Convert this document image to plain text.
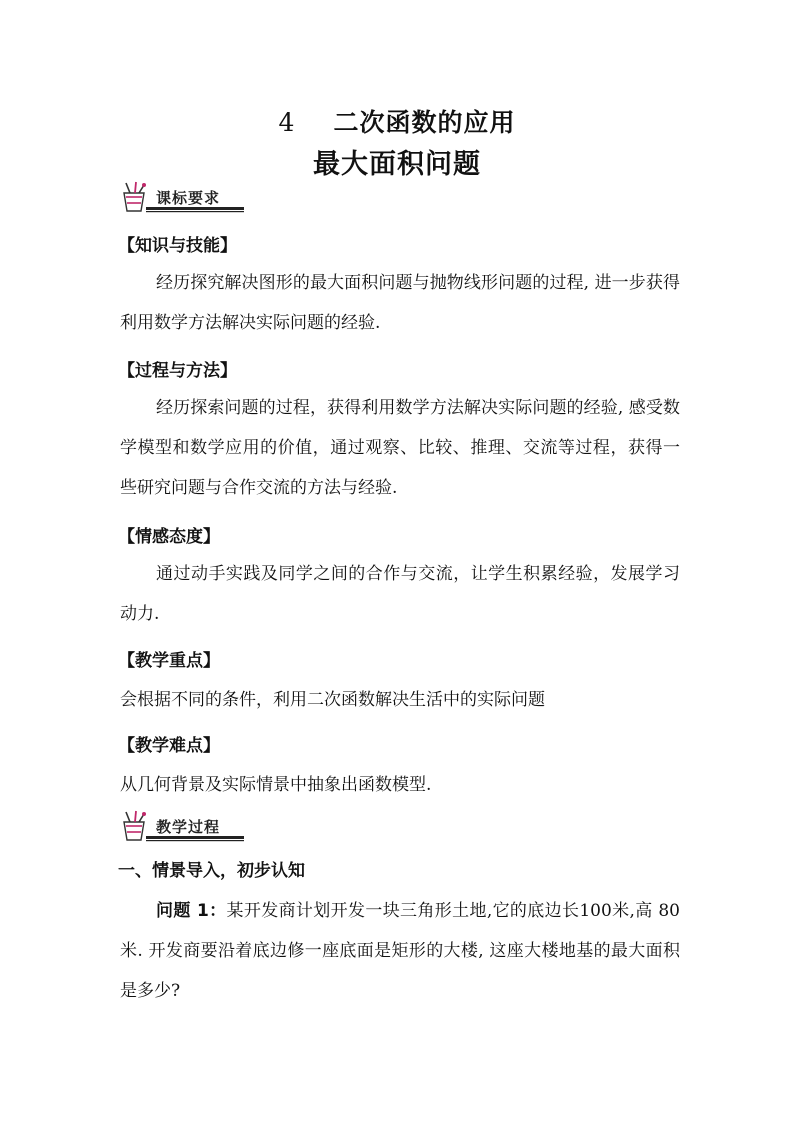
4 二次函数的应用
最大面积问题
课标要求
【知识与技能】
经历探究解决图形的最大面积问题与抛物线形问题的过程, 进一步获得利用数学方法解决实际问题的经验.
【过程与方法】
经历探索问题的过程，获得利用数学方法解决实际问题的经验, 感受数学模型和数学应用的价值，通过观察、比较、推理、交流等过程，获得一些研究问题与合作交流的方法与经验.
【情感态度】
通过动手实践及同学之间的合作与交流，让学生积累经验，发展学习动力.
【教学重点】
会根据不同的条件，利用二次函数解决生活中的实际问题
【教学难点】
从几何背景及实际情景中抽象出函数模型.
教学过程
一、情景导入，初步认知
问题 1：某开发商计划开发一块三角形土地,它的底边长100米,高 80 米. 开发商要沿着底边修一座底面是矩形的大楼, 这座大楼地基的最大面积是多少?
